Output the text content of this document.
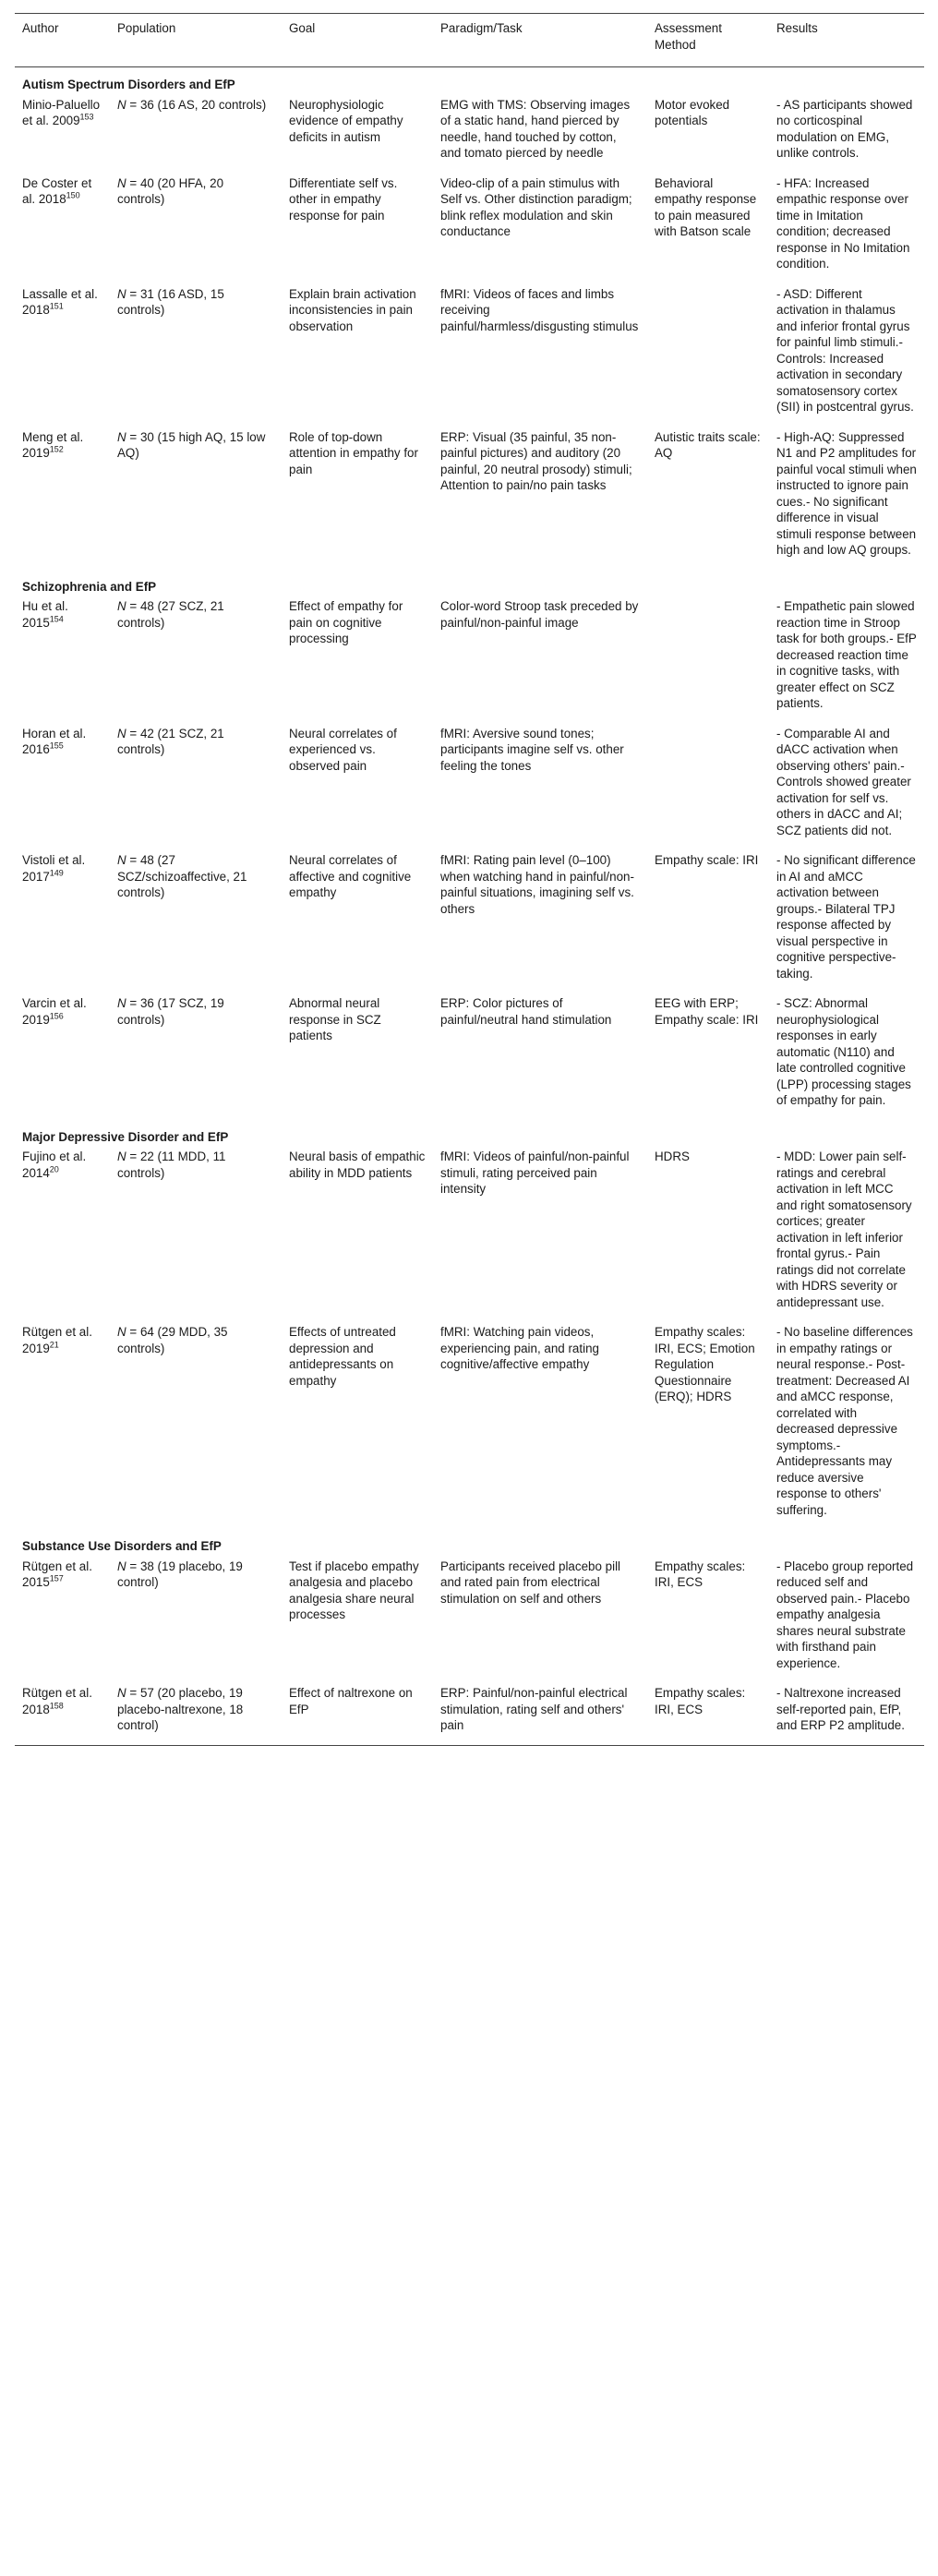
Author	Population	Goal	Paradigm/Task	Assessment Method	Results
Autism Spectrum Disorders and EfP					
Minio-Paluello et al. 2009$^{153}$	N = 36 (16 AS, 20 controls)	Neurophysiologic evidence of empathy deficits in autism	EMG with TMS: Observing images of a static hand, hand pierced by needle, hand touched by cotton, and tomato pierced by needle	Motor evoked potentials	- AS participants showed no corticospinal modulation on EMG, unlike controls.
De Coster et al. 2018$^{150}$	N = 40 (20 HFA, 20 controls)	Differentiate self vs. other in empathy response for pain	Video-clip of a pain stimulus with Self vs. Other distinction paradigm; blink reflex modulation and skin conductance	Behavioral empathy response to pain measured with Batson scale	- HFA: Increased empathic response over time in Imitation condition; decreased response in No Imitation condition.
Lassalle et al. 2018$^{151}$	N = 31 (16 ASD, 15 controls)	Explain brain activation inconsistencies in pain observation	fMRI: Videos of faces and limbs receiving painful/harmless/disgusting stimulus		- ASD: Different activation in thalamus and inferior frontal gyrus for painful limb stimuli.- Controls: Increased activation in secondary somatosensory cortex (SII) in postcentral gyrus.
Meng et al. 2019$^{152}$	N = 30 (15 high AQ, 15 low AQ)	Role of top-down attention in empathy for pain	ERP: Visual (35 painful, 35 non-painful pictures) and auditory (20 painful, 20 neutral prosody) stimuli; Attention to pain/no pain tasks	Autistic traits scale: AQ	- High-AQ: Suppressed N1 and P2 amplitudes for painful vocal stimuli when instructed to ignore pain cues.- No significant difference in visual stimuli response between high and low AQ groups.
Schizophrenia and EfP					
Hu et al. 2015$^{154}$	N = 48 (27 SCZ, 21 controls)	Effect of empathy for pain on cognitive processing	Color-word Stroop task preceded by painful/non-painful image		- Empathetic pain slowed reaction time in Stroop task for both groups.- EfP decreased reaction time in cognitive tasks, with greater effect on SCZ patients.
Horan et al. 2016$^{155}$	N = 42 (21 SCZ, 21 controls)	Neural correlates of experienced vs. observed pain	fMRI: Aversive sound tones; participants imagine self vs. other feeling the tones		- Comparable AI and dACC activation when observing others' pain.- Controls showed greater activation for self vs. others in dACC and AI; SCZ patients did not.
Vistoli et al. 2017$^{149}$	N = 48 (27 SCZ/schizoaffective, 21 controls)	Neural correlates of affective and cognitive empathy	fMRI: Rating pain level (0–100) when watching hand in painful/non-painful situations, imagining self vs. others	Empathy scale: IRI	- No significant difference in AI and aMCC activation between groups.- Bilateral TPJ response affected by visual perspective in cognitive perspective-taking.
Varcin et al. 2019$^{156}$	N = 36 (17 SCZ, 19 controls)	Abnormal neural response in SCZ patients	ERP: Color pictures of painful/neutral hand stimulation	EEG with ERP; Empathy scale: IRI	- SCZ: Abnormal neurophysiological responses in early automatic (N110) and late controlled cognitive (LPP) processing stages of empathy for pain.
Major Depressive Disorder and EfP					
Fujino et al. 2014$^{20}$	N = 22 (11 MDD, 11 controls)	Neural basis of empathic ability in MDD patients	fMRI: Videos of painful/non-painful stimuli, rating perceived pain intensity	HDRS	- MDD: Lower pain self-ratings and cerebral activation in left MCC and right somatosensory cortices; greater activation in left inferior frontal gyrus.- Pain ratings did not correlate with HDRS severity or antidepressant use.
Rütgen et al. 2019$^{21}$	N = 64 (29 MDD, 35 controls)	Effects of untreated depression and antidepressants on empathy	fMRI: Watching pain videos, experiencing pain, and rating cognitive/affective empathy	Empathy scales: IRI, ECS; Emotion Regulation Questionnaire (ERQ); HDRS	- No baseline differences in empathy ratings or neural response.- Post-treatment: Decreased AI and aMCC response, correlated with decreased depressive symptoms.- Antidepressants may reduce aversive response to others' suffering.
Substance Use Disorders and EfP					
Rütgen et al. 2015$^{157}$	N = 38 (19 placebo, 19 control)	Test if placebo empathy analgesia and placebo analgesia share neural processes	Participants received placebo pill and rated pain from electrical stimulation on self and others	Empathy scales: IRI, ECS	- Placebo group reported reduced self and observed pain.- Placebo empathy analgesia shares neural substrate with firsthand pain experience.
Rütgen et al. 2018$^{158}$	N = 57 (20 placebo, 19 placebo-naltrexone, 18 control)	Effect of naltrexone on EfP	ERP: Painful/non-painful electrical stimulation, rating self and others' pain	Empathy scales: IRI, ECS	- Naltrexone increased self-reported pain, EfP, and ERP P2 amplitude.
